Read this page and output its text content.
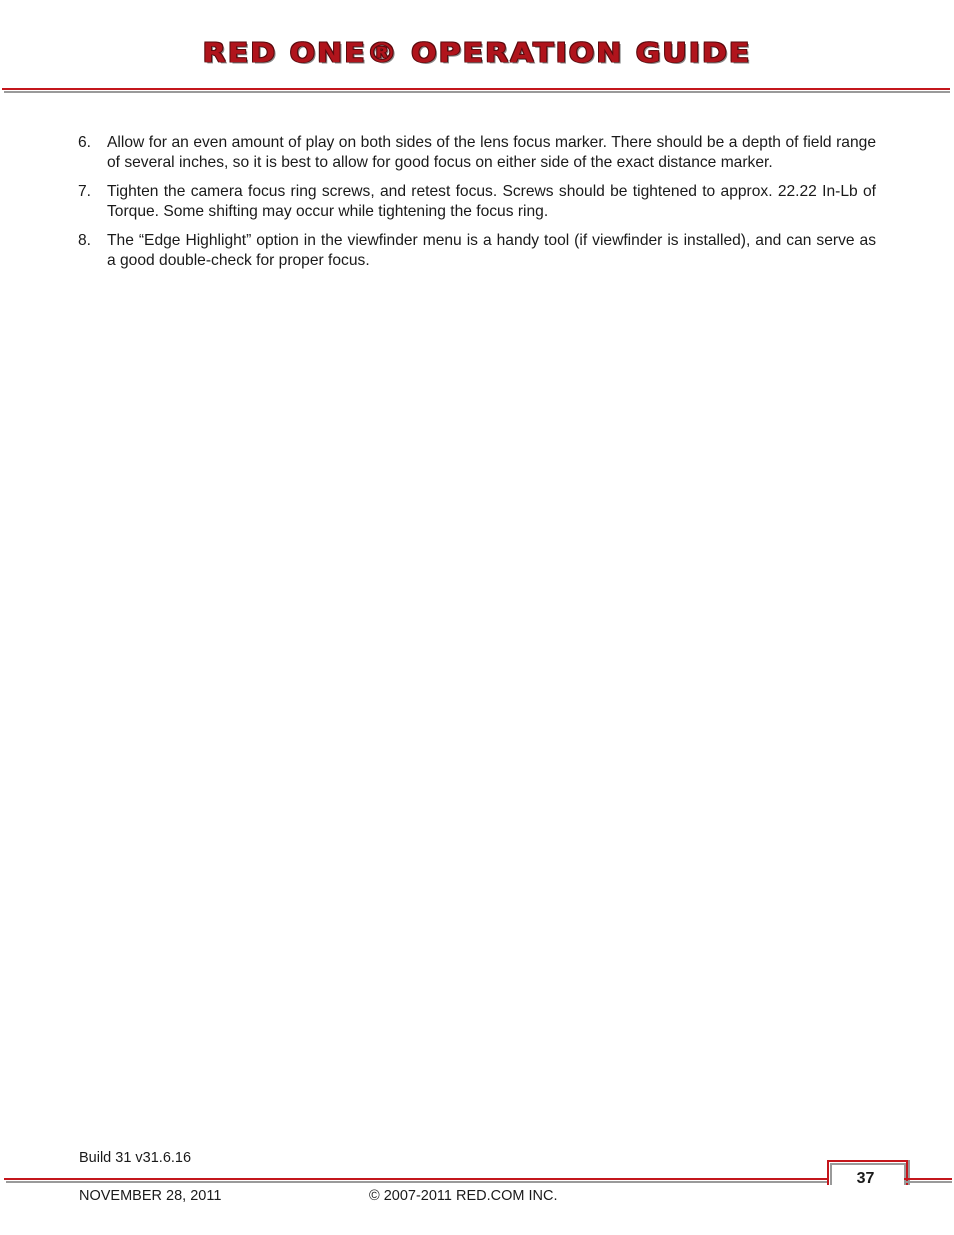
RED ONE® OPERATION GUIDE
6. Allow for an even amount of play on both sides of the lens focus marker. There should be a depth of field range of several inches, so it is best to allow for good focus on either side of the exact distance marker.
7. Tighten the camera focus ring screws, and retest focus. Screws should be tightened to approx. 22.22 In-Lb of Torque. Some shifting may occur while tightening the focus ring.
8. The “Edge Highlight” option in the viewfinder menu is a handy tool (if viewfinder is installed), and can serve as a good double-check for proper focus.
Build 31 v31.6.16
37
NOVEMBER 28, 2011	© 2007-2011 RED.COM INC.
